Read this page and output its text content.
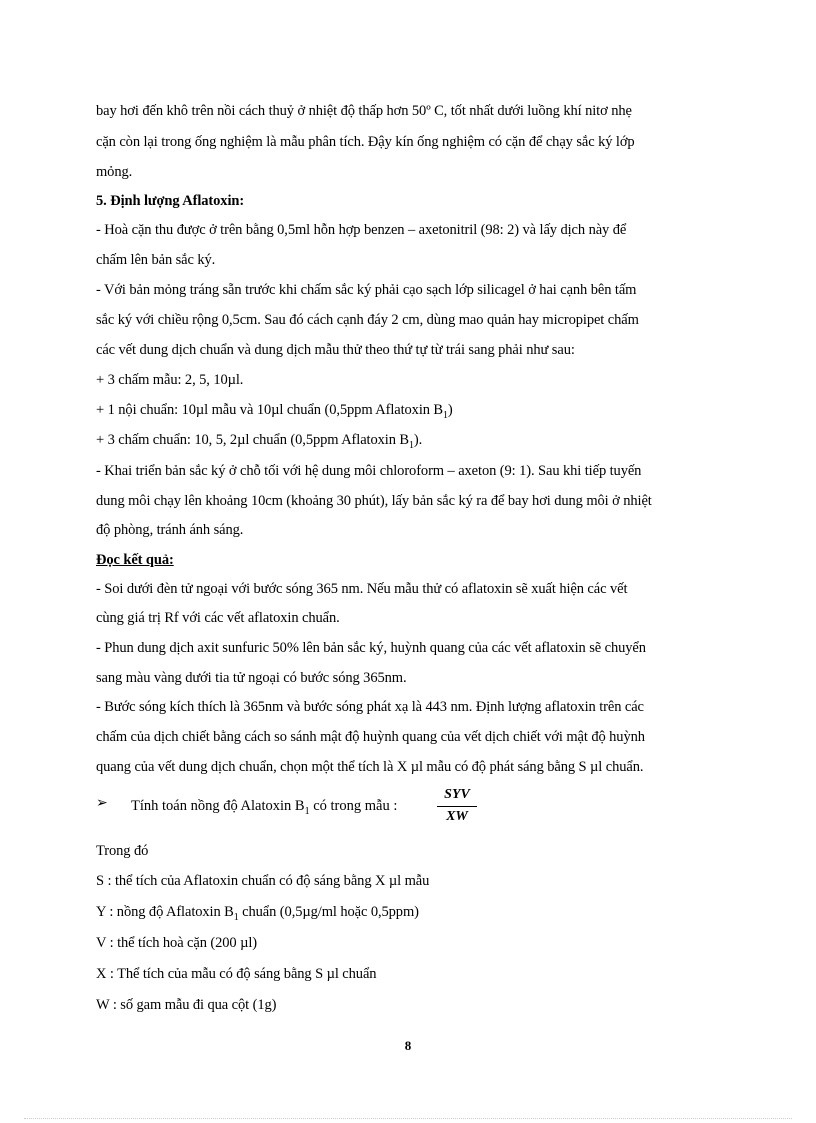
bay hơi đến khô trên nồi cách thuỷ ở nhiệt độ thấp hơn 50º C, tốt nhất dưới luồng khí nitơ nhẹ
cặn còn lại trong ống nghiệm là mẫu phân tích. Đậy kín ống nghiệm có cặn để chạy sắc ký lớp
mỏng.
5. Định lượng Aflatoxin:
- Hoà cặn thu được ở trên bằng 0,5ml hỗn hợp benzen – axetonitril (98: 2) và lấy dịch này để
chấm lên bản sắc ký.
- Với bản mỏng tráng sẵn trước khi chấm sắc ký phải cạo sạch lớp silicagel ở hai cạnh bên tấm
sắc ký với chiều rộng 0,5cm. Sau đó cách cạnh đáy 2 cm, dùng mao quản hay micropipet chấm
các vết dung dịch chuẩn và dung dịch mẫu thử theo thứ tự từ trái sang phải như sau:
+ 3 chấm mẫu: 2, 5, 10µl.
+ 1 nội chuẩn: 10µl mẫu và 10µl chuẩn (0,5ppm Aflatoxin $B_1$)
+ 3 chấm chuẩn: 10, 5, 2µl chuẩn (0,5ppm Aflatoxin $B_1$).
- Khai triển bản sắc ký ở chỗ tối với hệ dung môi chloroform – axeton (9: 1). Sau khi tiếp tuyến
dung môi chạy lên khoảng 10cm (khoảng 30 phút), lấy bản sắc ký ra để bay hơi dung môi ở nhiệt
độ phòng, tránh ánh sáng.
Đọc kết quả:
- Soi dưới đèn tử ngoại với bước sóng 365 nm. Nếu mẫu thử có aflatoxin sẽ xuất hiện các vết
cùng giá trị Rf với các vết aflatoxin chuẩn.
- Phun dung dịch axit sunfuric 50% lên bản sắc ký, huỳnh quang của các vết aflatoxin sẽ chuyển
sang màu vàng dưới tia tử ngoại có bước sóng 365nm.
- Bước sóng kích thích là 365nm và bước sóng phát xạ là 443 nm. Định lượng aflatoxin trên các
chấm của dịch chiết bằng cách so sánh mật độ huỳnh quang của vết dịch chiết với mật độ huỳnh
quang của vết dung dịch chuẩn, chọn một thể tích là X µl mẫu có độ phát sáng bằng S µl chuẩn.
➢ Tính toán nồng độ Alatoxin $B_1$ có trong mẫu :
SYV
XW
Trong đó
S : thể tích của Aflatoxin chuẩn có độ sáng bằng X µl mẫu
Y : nồng độ Aflatoxin $B_1$ chuẩn (0,5µg/ml hoặc 0,5ppm)
V : thể tích hoà cặn (200 µl)
X : Thể tích của mẫu có độ sáng bằng S µl chuẩn
W : số gam mẫu đi qua cột (1g)
8
